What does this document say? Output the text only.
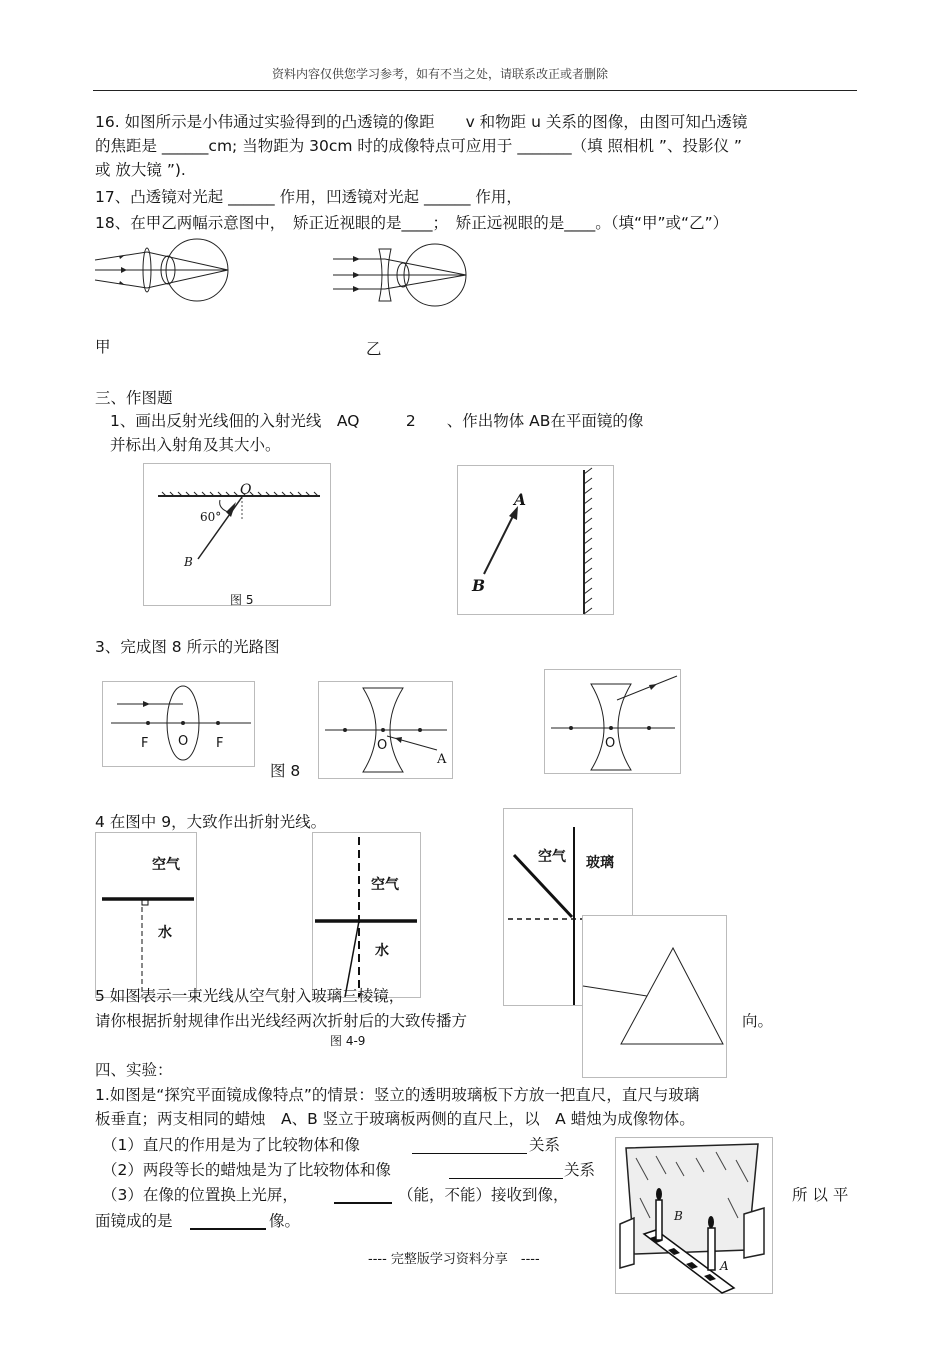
资料内容仅供您学习参考，如有不当之处，请联系改正或者删除
16. 如图所示是小伟通过实验得到的凸透镜的像距　　v 和物距 u 关系的图像，由图可知凸透镜
的焦距是 ______cm; 当物距为 30cm 时的成像特点可应用于 _______（填 照相机 ”、投影仪 ”
或 放大镜 ”).
17、凸透镜对光起 ______ 作用，凹透镜对光起 ______ 作用，
18、在甲乙两幅示意图中，　矫正近视眼的是____；　矫正远视眼的是____。（填“甲”或“乙”）
甲	乙
三、作图题
1、画出反射光线佃的入射光线　AQ　　　2　　、作出物体 AB在平面镜的像
并标出入射角及其大小。
O
60°
B
图 5
A
B
3、完成图 8 所示的光路图
F O F
图 8
O
A
O
4 在图中 9，大致作出折射光线。
空气
水
空气
水
空气 玻璃
5 如图表示一束光线从空气射入玻璃三棱镜，
请你根据折射规律作出光线经两次折射后的大致传播方	向。
图 4-9
四、实验：
1.如图是“探究平面镜成像特点”的情景：竖立的透明玻璃板下方放一把直尺，直尺与玻璃
板垂直；两支相同的蜡烛　A、B 竖立于玻璃板两侧的直尺上，以　A 蜡烛为成像物体。
（1）直尺的作用是为了比较物体和像	关系
（2）两段等长的蜡烛是为了比较物体和像	关系
（3）在像的位置换上光屏，	（能，不能）接收到像，	所 以 平
面镜成的是	像。	B
A
---- 完整版学习资料分享　----
